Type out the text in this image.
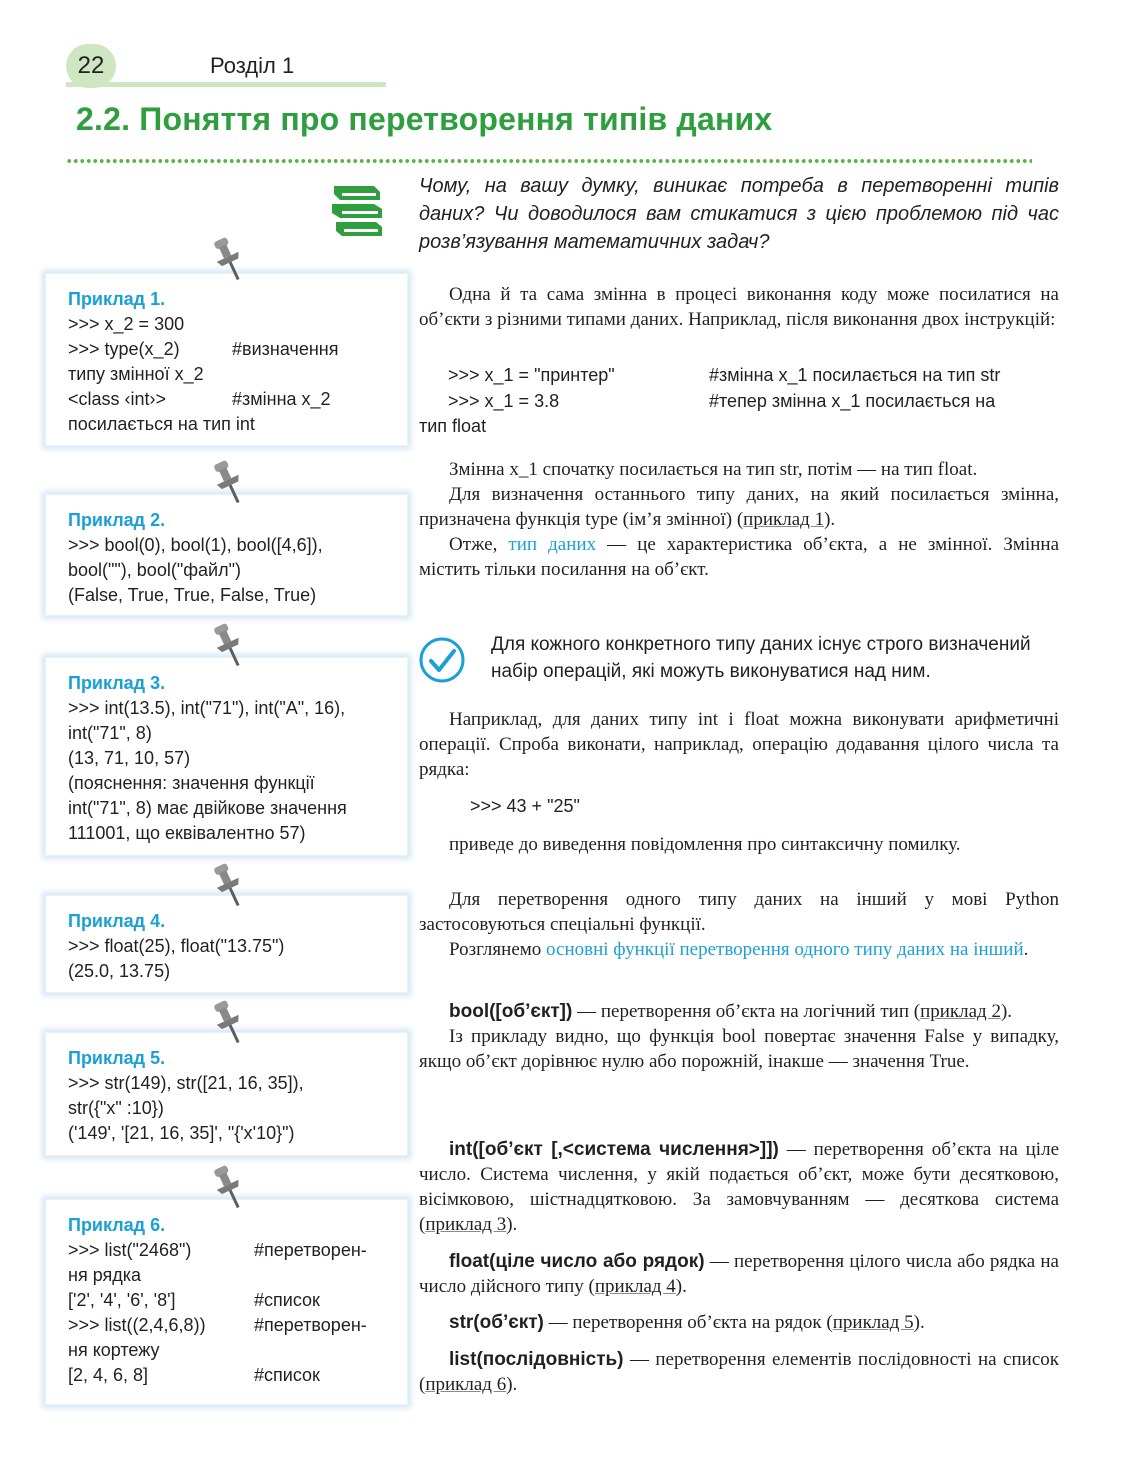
22	Розділ 1
2.2. Поняття про перетворення типів даних
Чому, на вашу думку, виникає потреба в перетворенні типів даних? Чи доводилося вам стикатися з цією проблемою під час розв’язування математичних задач?
Приклад 1.
>>> x_2 = 300
>>> type(x_2)	#визначення
типу змінної x_2
<class ‹int›>	#змінна x_2
посилається на тип int
Приклад 2.
>>> bool(0), bool(1), bool([4,6]),
bool(""), bool("файл")
(False, True, True, False, True)
Приклад 3.
>>> int(13.5), int("71"), int("A", 16),
int("71", 8)
(13, 71, 10, 57)
(пояснення: значення функції
int("71", 8) має двійкове значення
111001, що еквівалентно 57)
Приклад 4.
>>> float(25), float("13.75")
(25.0, 13.75)
Приклад 5.
>>> str(149), str([21, 16, 35]),
str({"x" :10})
('149', '[21, 16, 35]', "{'x'10}")
Приклад 6.
>>> list("2468")	#перетворен-
ня рядка
['2', '4', '6', '8']	#список
>>> list((2,4,6,8))	#перетворен-
ня кортежу
[2, 4, 6, 8]	#список

Одна й та сама змінна в процесі виконання коду може посилатися на об’єкти з різними типами даних. Наприклад, після виконання двох інструкцій:

>>> x_1 = "принтер"	#змінна x_1 посилається на тип str
>>> x_1 = 3.8	#тепер змінна x_1 посилається на
тип float

Змінна x_1 спочатку посилається на тип str, потім — на тип float.

Для визначення останнього типу даних, на який посилається змінна, призначена функція type (ім’я змінної) (приклад 1).

Отже, тип даних — це характеристика об’єкта, а не змінної. Змінна містить тільки посилання на об’єкт.

Для кожного конкретного типу даних існує строго визначений набір операцій, які можуть виконуватися над ним.

Наприклад, для даних типу int і float можна виконувати арифметичні операції. Спроба виконати, наприклад, операцію додавання цілого числа та рядка:

>>> 43 + "25"

приведе до виведення повідомлення про синтаксичну помилку.

Для перетворення одного типу даних на інший у мові Python застосовуються спеціальні функції.

Розглянемо основні функції перетворення одного типу даних на інший.

bool([об’єкт]) — перетворення об’єкта на логічний тип (приклад 2).

Із прикладу видно, що функція bool повертає значення False у випадку, якщо об’єкт дорівнює нулю або порожній, інакше — значення True.

int([об’єкт [,<система числення>]]) — перетворення об’єкта на ціле число. Система числення, у якій подається об’єкт, може бути десятковою, вісімковою, шістнадцятковою. За замовчуванням — десяткова система (приклад 3).

float(ціле число або рядок) — перетворення цілого числа або рядка на число дійсного типу (приклад 4).

str(об’єкт) — перетворення об’єкта на рядок (приклад 5).

list(послідовність) — перетворення елементів послідовності на список (приклад 6).
